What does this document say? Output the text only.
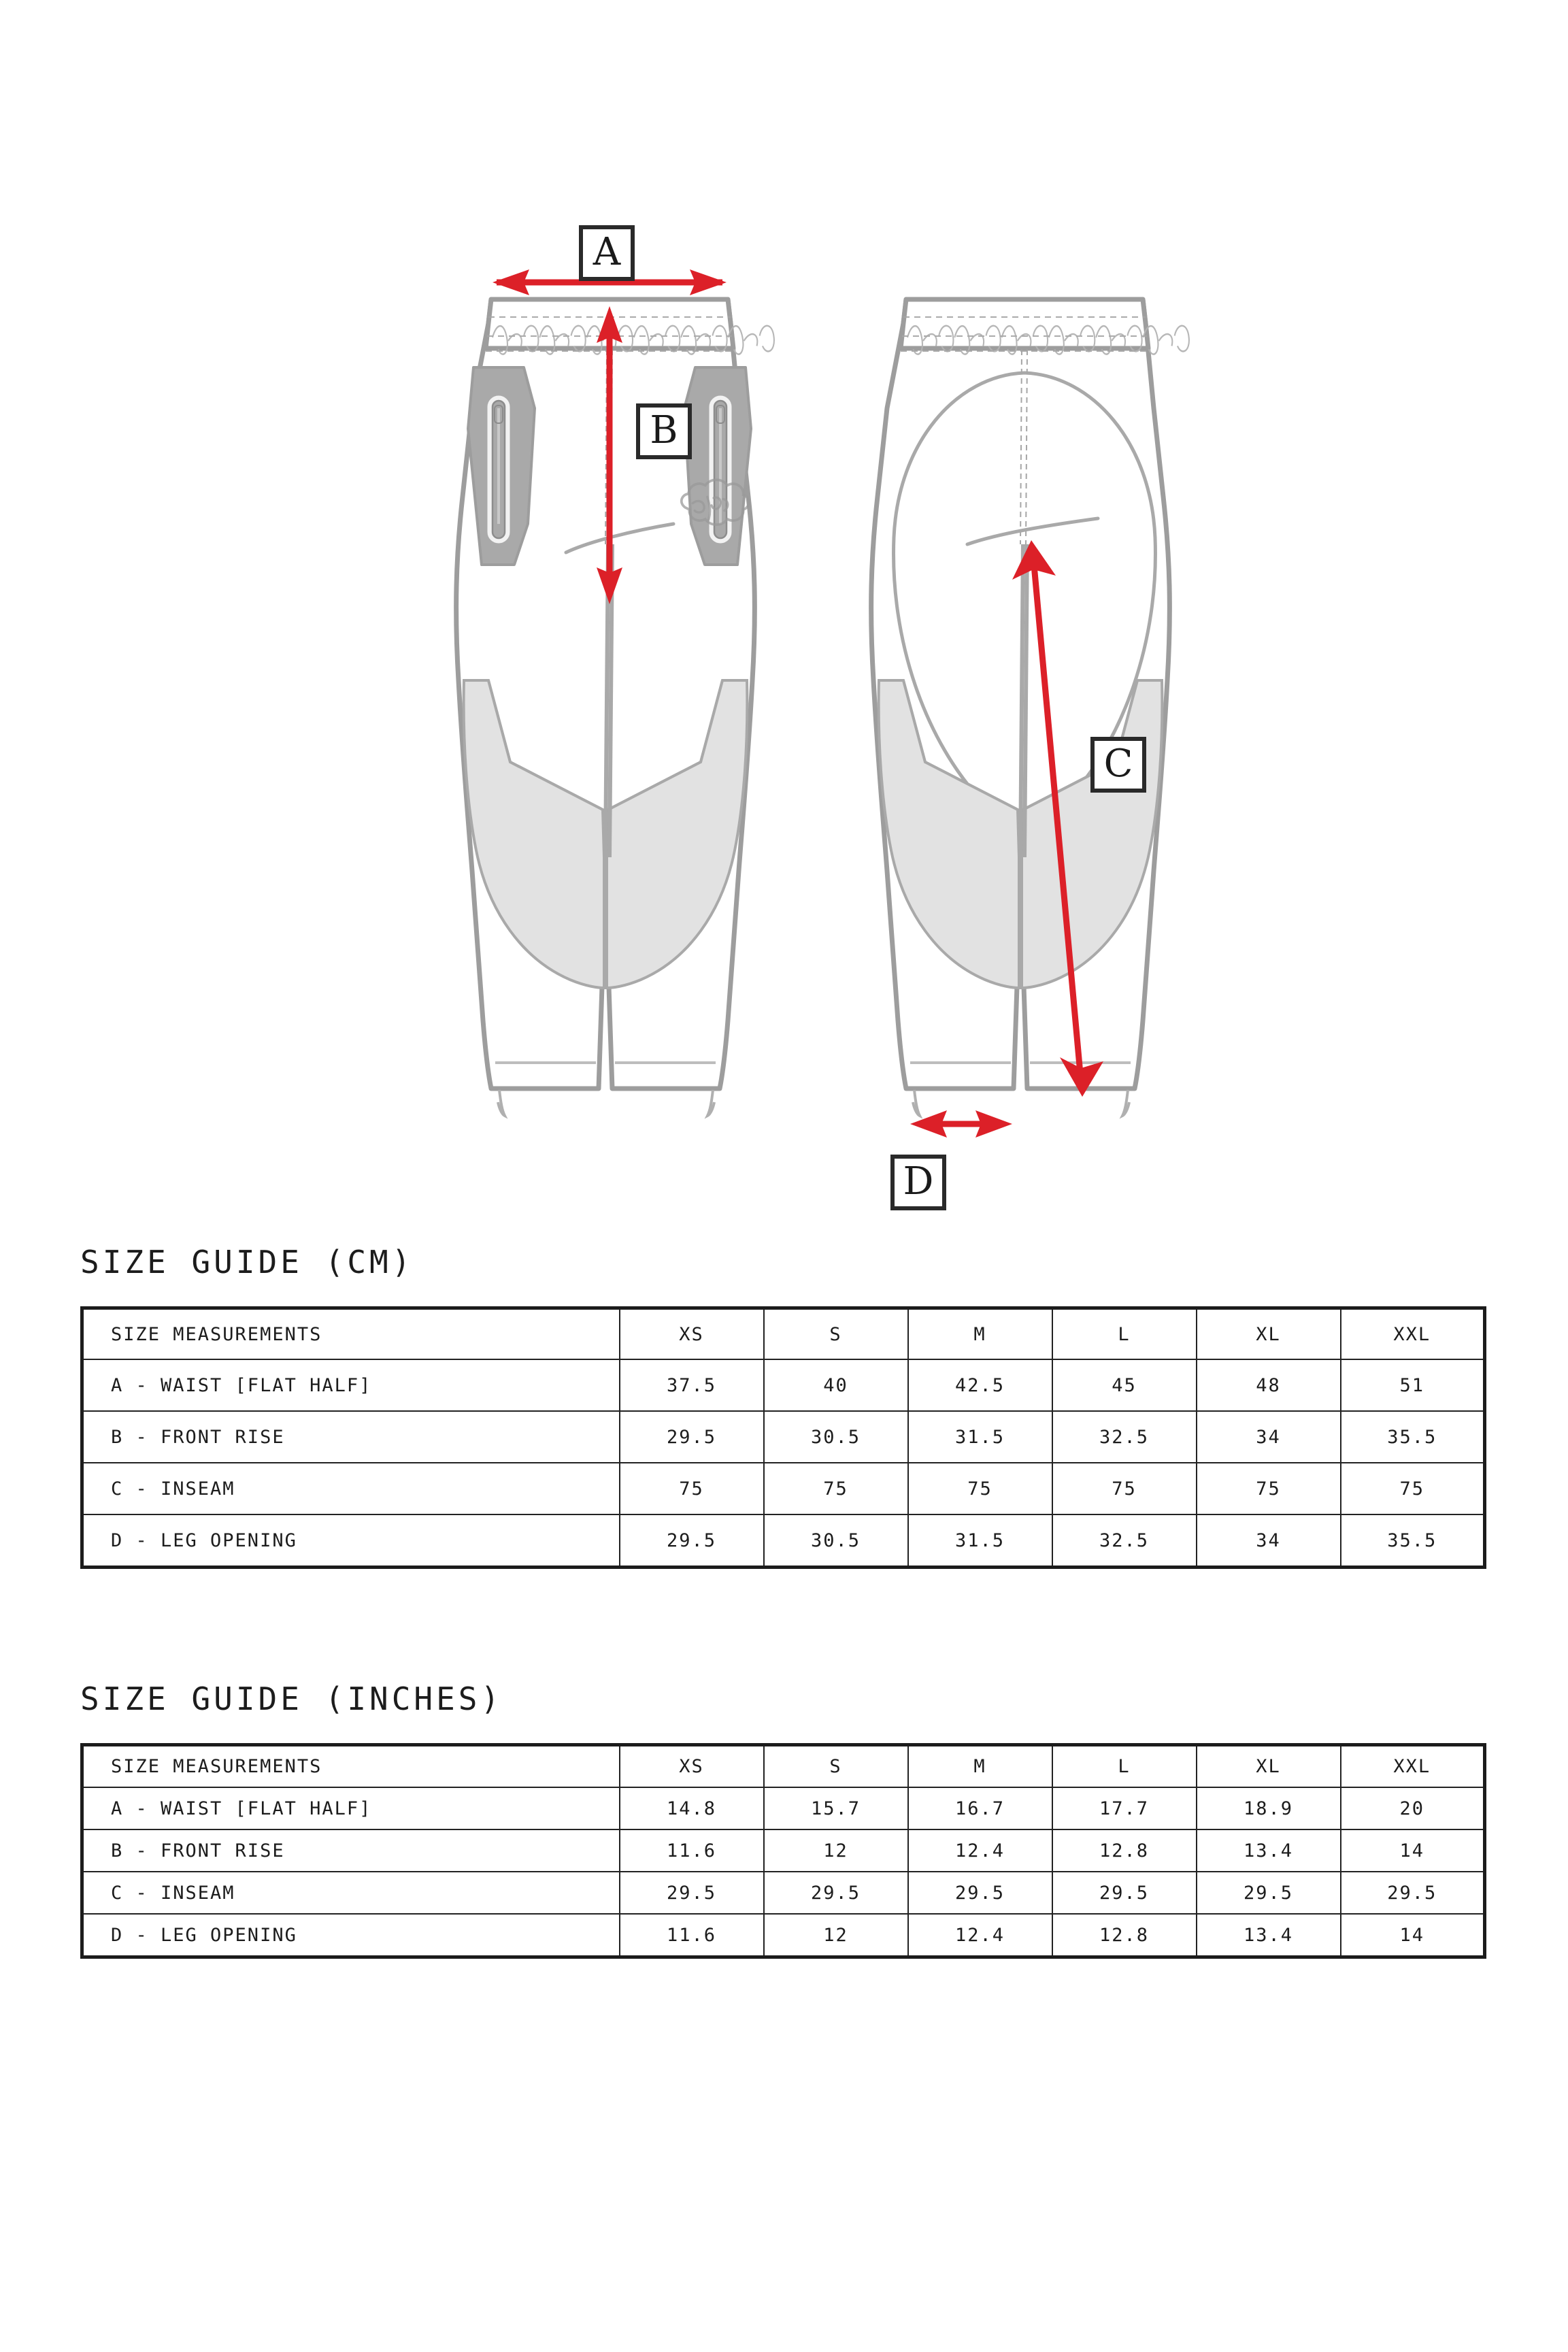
A
B
C
D
SIZE GUIDE (CM)
SIZE MEASUREMENTS	XS	S	M	L	XL	XXL
A - WAIST [FLAT HALF]	37.5	40	42.5	45	48	51
B - FRONT RISE	29.5	30.5	31.5	32.5	34	35.5
C - INSEAM	75	75	75	75	75	75
D - LEG OPENING	29.5	30.5	31.5	32.5	34	35.5
SIZE GUIDE (INCHES)
SIZE MEASUREMENTS	XS	S	M	L	XL	XXL
A - WAIST [FLAT HALF]	14.8	15.7	16.7	17.7	18.9	20
B - FRONT RISE	11.6	12	12.4	12.8	13.4	14
C - INSEAM	29.5	29.5	29.5	29.5	29.5	29.5
D - LEG OPENING	11.6	12	12.4	12.8	13.4	14
